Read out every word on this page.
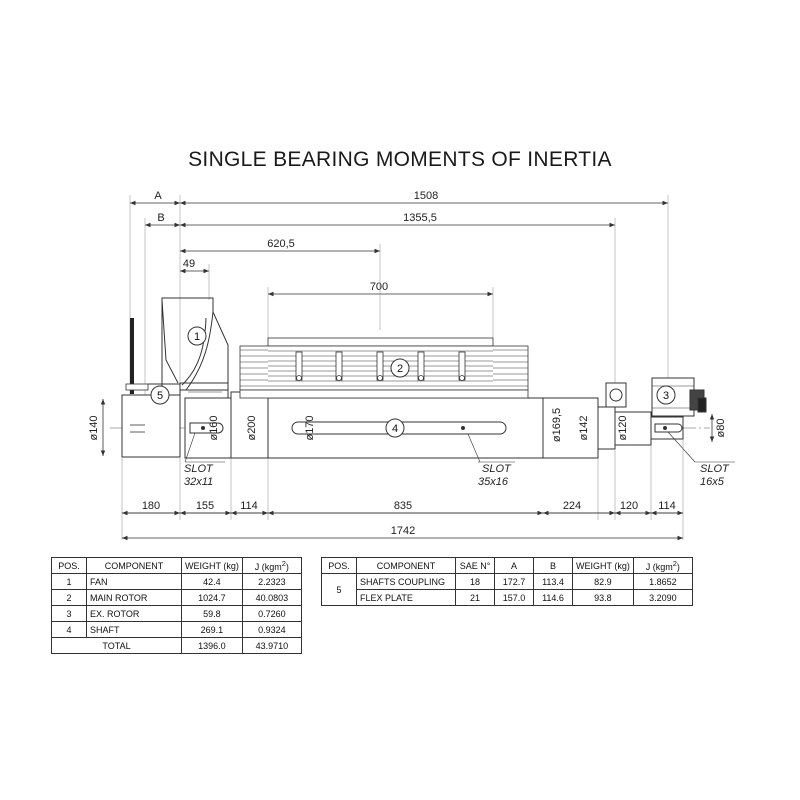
SINGLE BEARING MOMENTS OF INERTIA
A	1508
B	1355,5
620,5
49
700
1
5
4
2
3
ø140	ø160 ø200	ø170	ø169,5 ø142 ø120	ø80
SLOT
32x11
SLOT
35x16
SLOT
16x5
180	155 114	835	224	120 114
1742
POS.	COMPONENT	WEIGHT (kg)	J (kgm$^2$)
1	FAN	42.4	2.2323
2	MAIN ROTOR	1024.7	40.0803
3	EX. ROTOR	59.8	0.7260
4	SHAFT	269.1	0.9324
TOTAL		1396.0	43.9710
POS.	COMPONENT	SAE N°	A	B	WEIGHT (kg)	J (kgm$^2$)
5	SHAFTS COUPLING	18	172.7	113.4	82.9	1.8652
	FLEX PLATE	21	157.0	114.6	93.8	3.2090
